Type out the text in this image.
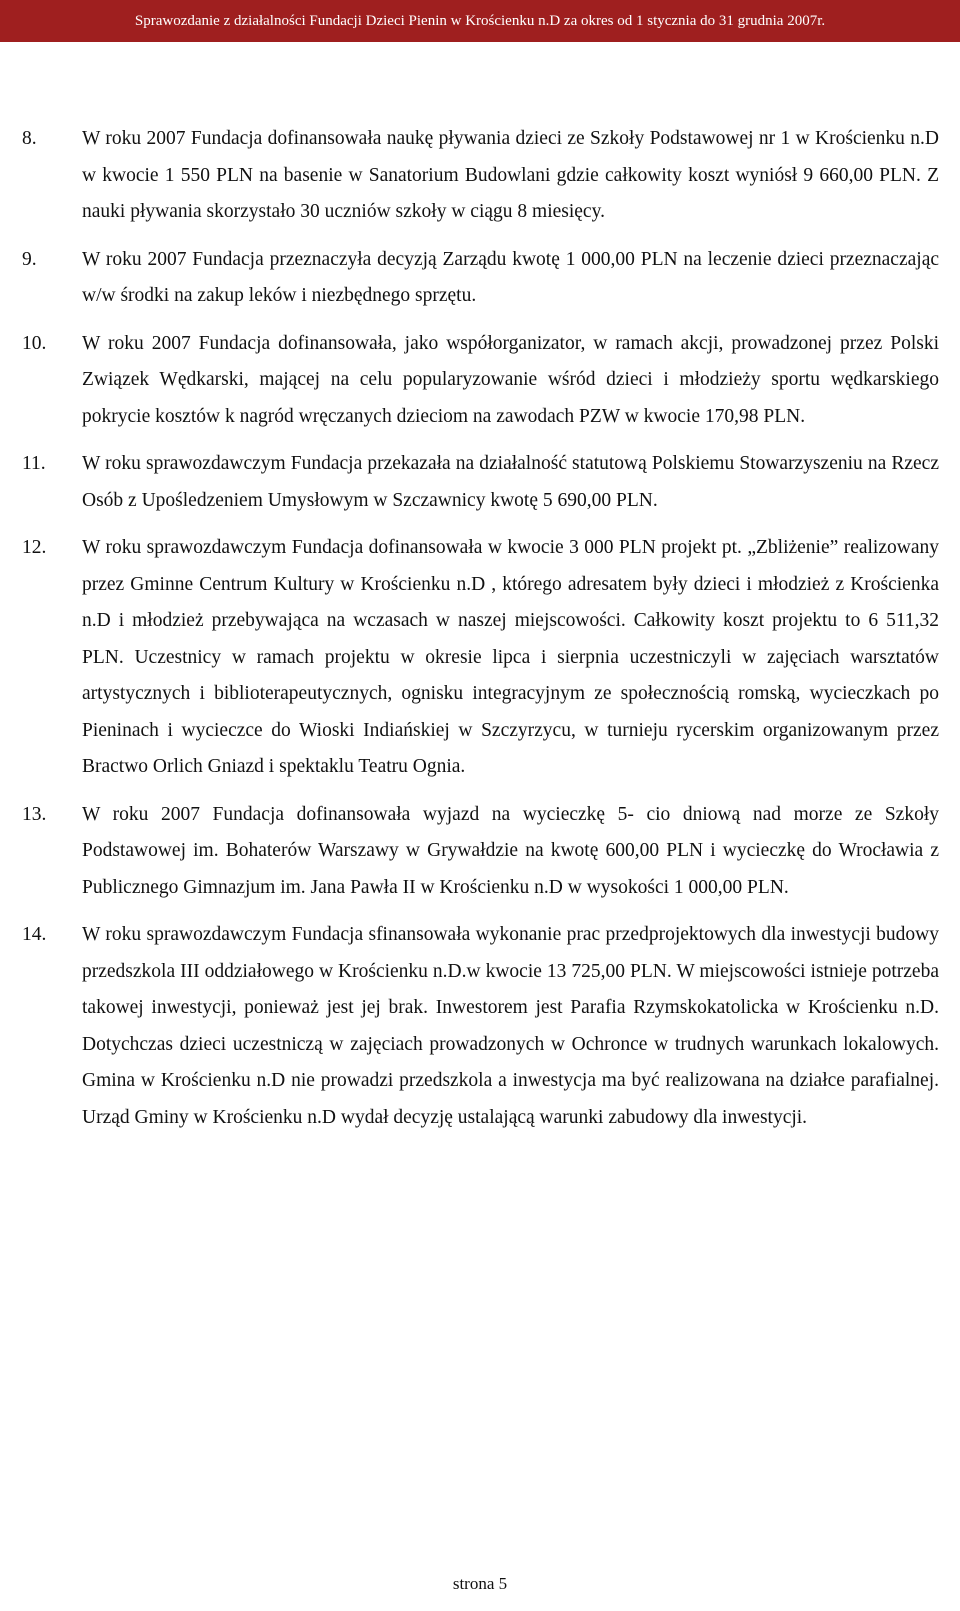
Sprawozdanie z działalności Fundacji Dzieci Pienin w Krościenku n.D za okres od 1 stycznia do 31 grudnia 2007r.
8. W roku 2007 Fundacja dofinansowała naukę pływania dzieci ze Szkoły Podstawowej nr 1 w Krościenku n.D w kwocie 1 550 PLN na basenie w Sanatorium Budowlani gdzie całkowity koszt wyniósł 9 660,00 PLN. Z nauki pływania skorzystało 30 uczniów szkoły w ciągu 8 miesięcy.
9. W roku 2007 Fundacja przeznaczyła decyzją Zarządu kwotę 1 000,00 PLN na leczenie dzieci przeznaczając w/w środki na zakup leków i niezbędnego sprzętu.
10. W roku 2007 Fundacja dofinansowała, jako współorganizator, w ramach akcji, prowadzonej przez Polski Związek Wędkarski, mającej na celu popularyzowanie wśród dzieci i młodzieży sportu wędkarskiego pokrycie kosztów k nagród wręczanych dzieciom na zawodach PZW w kwocie 170,98 PLN.
11. W roku sprawozdawczym Fundacja przekazała na działalność statutową Polskiemu Stowarzyszeniu na Rzecz Osób z Upośledzeniem Umysłowym w Szczawnicy kwotę 5 690,00 PLN.
12. W roku sprawozdawczym Fundacja dofinansowała w kwocie 3 000 PLN projekt pt. „Zbliżenie” realizowany przez Gminne Centrum Kultury w Krościenku n.D , którego adresatem były dzieci i młodzież z Krościenka n.D i młodzież przebywająca na wczasach w naszej miejscowości. Całkowity koszt projektu to 6 511,32 PLN. Uczestnicy w ramach projektu w okresie lipca i sierpnia uczestniczyli w zajęciach warsztatów artystycznych i biblioterapeutycznych, ognisku integracyjnym ze społecznością romską, wycieczkach po Pieninach i wycieczce do Wioski Indiańskiej w Szczyrzycu, w turnieju rycerskim organizowanym przez Bractwo Orlich Gniazd i spektaklu Teatru Ognia.
13. W roku 2007 Fundacja dofinansowała wyjazd na wycieczkę 5- cio dniową nad morze ze Szkoły Podstawowej im. Bohaterów Warszawy w Grywałdzie na kwotę 600,00 PLN i wycieczkę do Wrocławia z Publicznego Gimnazjum im. Jana Pawła II w Krościenku n.D w wysokości 1 000,00 PLN.
14. W roku sprawozdawczym Fundacja sfinansowała wykonanie prac przedprojektowych dla inwestycji budowy przedszkola III oddziałowego w Krościenku n.D.w kwocie 13 725,00 PLN. W miejscowości istnieje potrzeba takowej inwestycji, ponieważ jest jej brak. Inwestorem jest Parafia Rzymskokatolicka w Krościenku n.D. Dotychczas dzieci uczestniczą w zajęciach prowadzonych w Ochronce w trudnych warunkach lokalowych. Gmina w Krościenku n.D nie prowadzi przedszkola a inwestycja ma być realizowana na działce parafialnej. Urząd Gminy w Krościenku n.D wydał decyzję ustalającą warunki zabudowy dla inwestycji.
strona 5
